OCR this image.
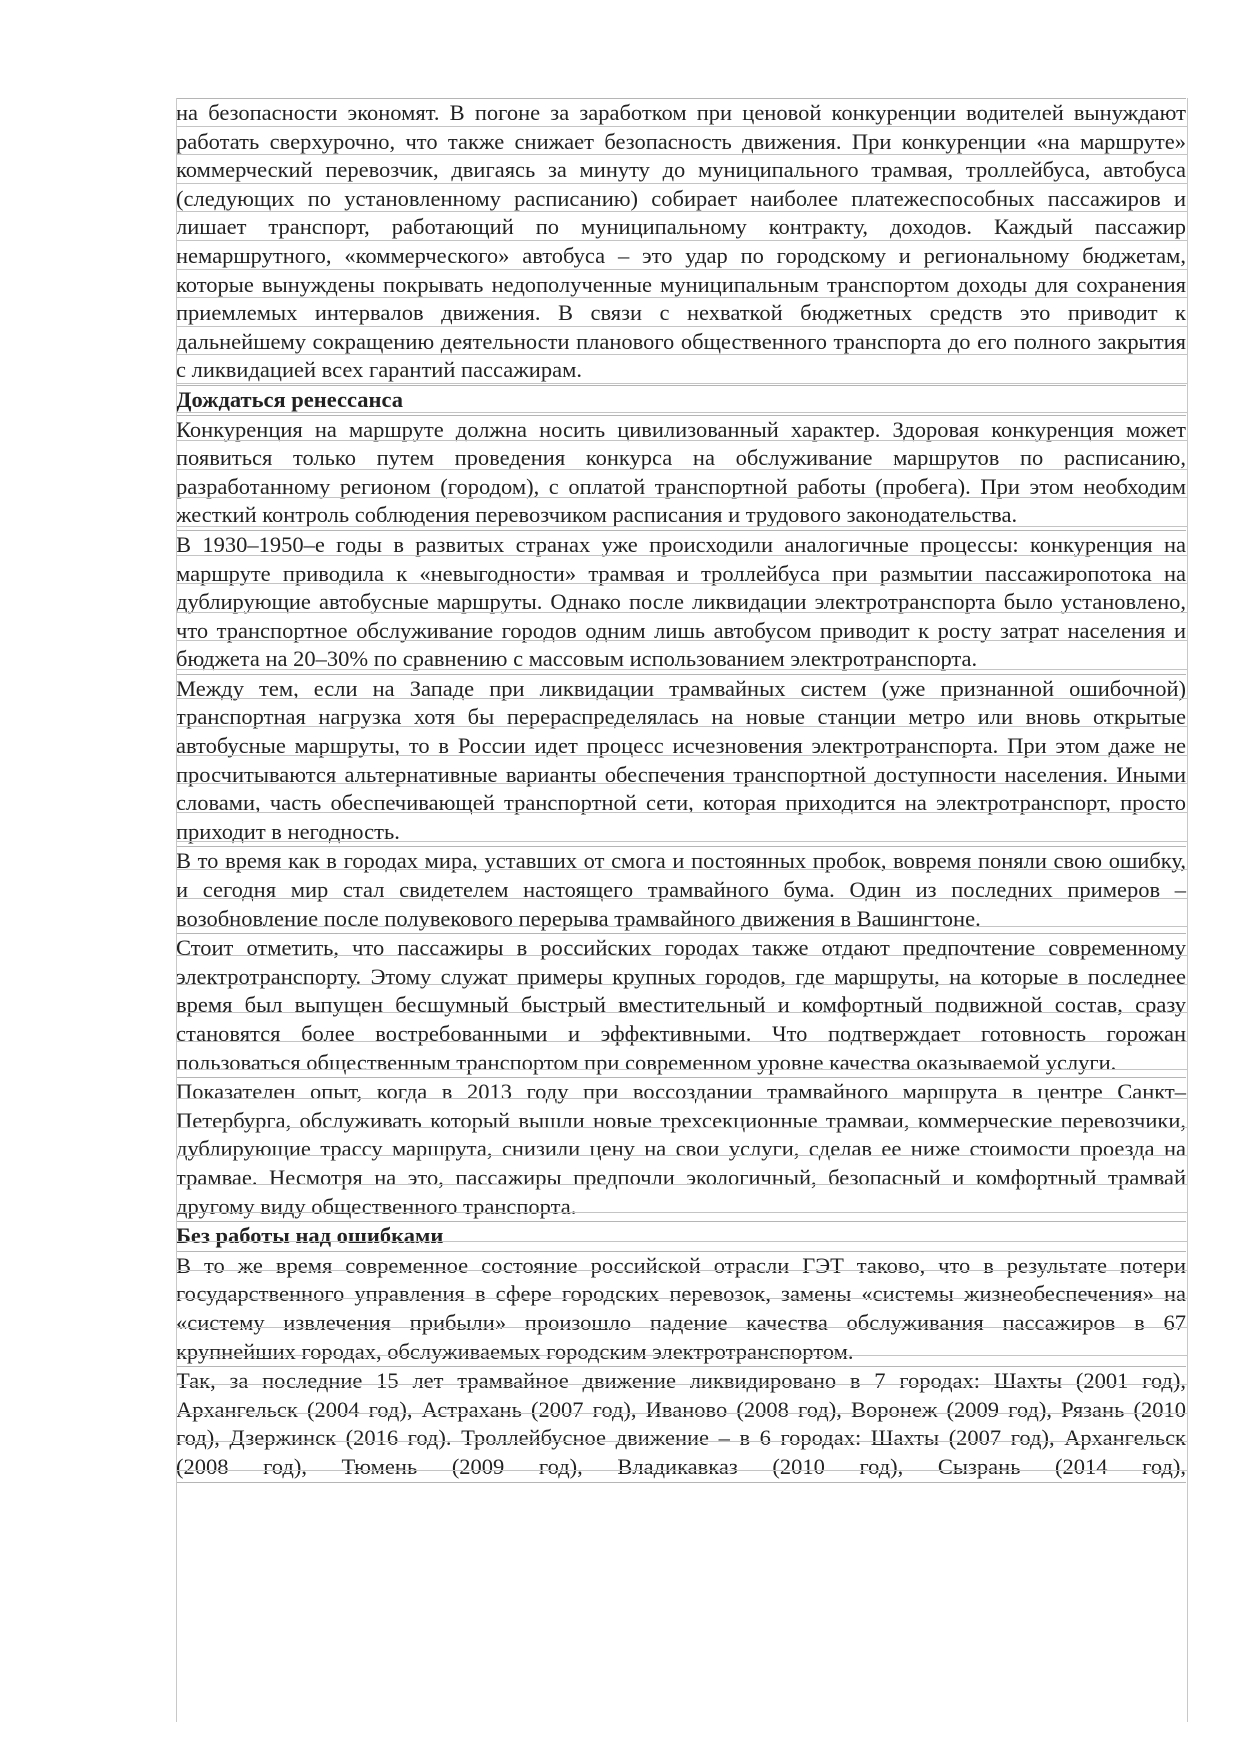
на безопасности экономят. В погоне за заработком при ценовой конкуренции водителей вынуждают работать сверхурочно, что также снижает безопасность движения. При конкуренции «на маршруте» коммерческий перевозчик, двигаясь за минуту до муниципального трамвая, троллейбуса, автобуса (следующих по установленному расписанию) собирает наиболее платежеспособных пассажиров и лишает транспорт, работающий по муниципальному контракту, доходов. Каждый пассажир немаршрутного, «коммерческого» автобуса – это удар по городскому и региональному бюджетам, которые вынуждены покрывать недополученные муниципальным транспортом доходы для сохранения приемлемых интервалов движения. В связи с нехваткой бюджетных средств это приводит к дальнейшему сокращению деятельности планового общественного транспорта до его полного закрытия с ликвидацией всех гарантий пассажирам.
Дождаться ренессанса
Конкуренция на маршруте должна носить цивилизованный характер. Здоровая конкуренция может появиться только путем проведения конкурса на обслуживание маршрутов по расписанию, разработанному регионом (городом), с оплатой транспортной работы (пробега). При этом необходим жесткий контроль соблюдения перевозчиком расписания и трудового законодательства.
В 1930–1950–е годы в развитых странах уже происходили аналогичные процессы: конкуренция на маршруте приводила к «невыгодности» трамвая и троллейбуса при размытии пассажиропотока на дублирующие автобусные маршруты. Однако после ликвидации электротранспорта было установлено, что транспортное обслуживание городов одним лишь автобусом приводит к росту затрат населения и бюджета на 20–30% по сравнению с массовым использованием электротранспорта.
Между тем, если на Западе при ликвидации трамвайных систем (уже признанной ошибочной) транспортная нагрузка хотя бы перераспределялась на новые станции метро или вновь открытые автобусные маршруты, то в России идет процесс исчезновения электротранспорта. При этом даже не просчитываются альтернативные варианты обеспечения транспортной доступности населения. Иными словами, часть обеспечивающей транспортной сети, которая приходится на электротранспорт, просто приходит в негодность.
В то время как в городах мира, уставших от смога и постоянных пробок, вовремя поняли свою ошибку, и сегодня мир стал свидетелем настоящего трамвайного бума. Один из последних примеров – возобновление после полувекового перерыва трамвайного движения в Вашингтоне.
Стоит отметить, что пассажиры в российских городах также отдают предпочтение современному электротранспорту. Этому служат примеры крупных городов, где маршруты, на которые в последнее время был выпущен бесшумный быстрый вместительный и комфортный подвижной состав, сразу становятся более востребованными и эффективными. Что подтверждает готовность горожан пользоваться общественным транспортом при современном уровне качества оказываемой услуги.
Показателен опыт, когда в 2013 году при воссоздании трамвайного маршрута в центре Санкт–Петербурга, обслуживать который вышли новые трехсекционные трамваи, коммерческие перевозчики, дублирующие трассу маршрута, снизили цену на свои услуги, сделав ее ниже стоимости проезда на трамвае. Несмотря на это, пассажиры предпочли экологичный, безопасный и комфортный трамвай другому виду общественного транспорта.
Без работы над ошибками
В то же время современное состояние российской отрасли ГЭТ таково, что в результате потери государственного управления в сфере городских перевозок, замены «системы жизнеобеспечения» на «систему извлечения прибыли» произошло падение качества обслуживания пассажиров в 67 крупнейших городах, обслуживаемых городским электротранспортом.
Так, за последние 15 лет трамвайное движение ликвидировано в 7 городах: Шахты (2001 год), Архангельск (2004 год), Астрахань (2007 год), Иваново (2008 год), Воронеж (2009 год), Рязань (2010 год), Дзержинск (2016 год). Троллейбусное движение – в 6 городах: Шахты (2007 год), Архангельск (2008 год), Тюмень (2009 год), Владикавказ (2010 год), Сызрань (2014 год),
